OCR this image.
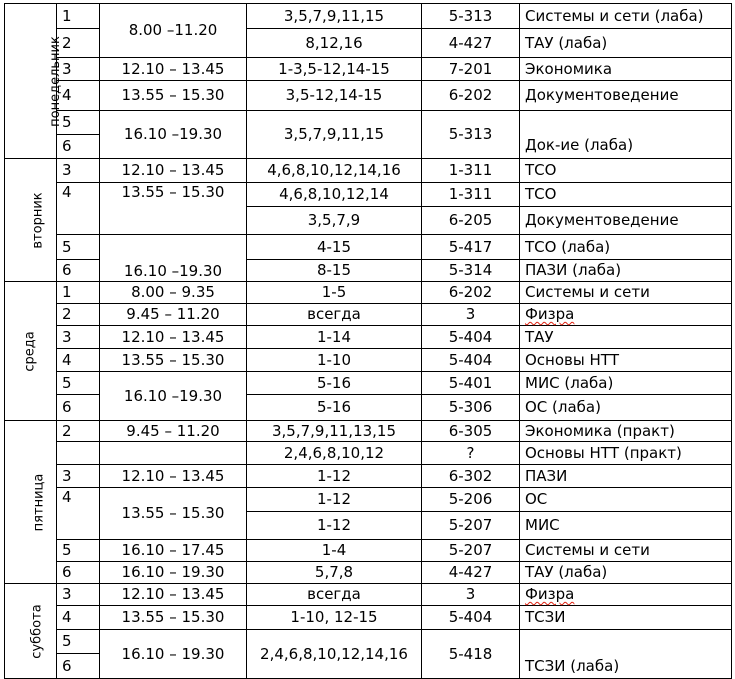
понедельник	1	8.00 –11.20	3,5,7,9,11,15	5-313	Системы и сети (лаба)
	2		8,12,16	4-427	ТАУ (лаба)
	3	12.10 – 13.45	1-3,5-12,14-15	7-201	Экономика
	4	13.55 – 15.30	3,5-12,14-15	6-202	Документоведение
	5	16.10 –19.30	3,5,7,9,11,15	5-313	Док-ие (лаба)
	6				
вторник	3	12.10 – 13.45	4,6,8,10,12,14,16	1-311	ТСО
	4	13.55 – 15.30	4,6,8,10,12,14	1-311	ТСО
			3,5,7,9	6-205	Документоведение
	5	16.10 –19.30	4-15	5-417	ТСО (лаба)
	6		8-15	5-314	ПАЗИ (лаба)
среда	1	8.00 – 9.35	1-5	6-202	Системы и сети
	2	9.45 – 11.20	всегда	3	Физра
	3	12.10 – 13.45	1-14	5-404	ТАУ
	4	13.55 – 15.30	1-10	5-404	Основы НТТ
	5	16.10 –19.30	5-16	5-401	МИС (лаба)
	6		5-16	5-306	ОС (лаба)
пятница	2	9.45 – 11.20	3,5,7,9,11,13,15	6-305	Экономика (практ)
			2,4,6,8,10,12	?	Основы НТТ (практ)
	3	12.10 – 13.45	1-12	6-302	ПАЗИ
	4	13.55 – 15.30	1-12	5-206	ОС
			1-12	5-207	МИС
	5	16.10 – 17.45	1-4	5-207	Системы и сети
	6	16.10 – 19.30	5,7,8	4-427	ТАУ (лаба)
суббота	3	12.10 – 13.45	всегда	3	Физра
	4	13.55 – 15.30	1-10, 12-15	5-404	ТСЗИ
	5	16.10 – 19.30	2,4,6,8,10,12,14,16	5-418	ТСЗИ (лаба)
	6				
